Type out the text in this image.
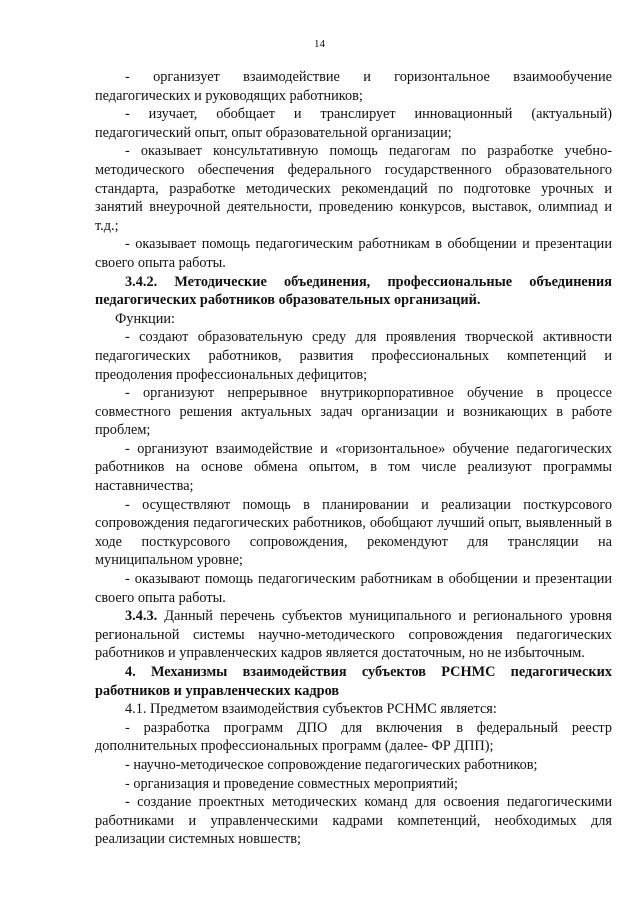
14

- организует взаимодействие и горизонтальное взаимообучение педагогических и руководящих работников;

- изучает, обобщает и транслирует инновационный (актуальный) педагогический опыт, опыт образовательной организации;

- оказывает консультативную помощь педагогам по разработке учебно-методического обеспечения федерального государственного образовательного стандарта, разработке методических рекомендаций по подготовке урочных и занятий внеурочной деятельности, проведению конкурсов, выставок, олимпиад и т.д.;

- оказывает помощь педагогическим работникам в обобщении и презентации своего опыта работы.

3.4.2. Методические объединения, профессиональные объединения педагогических работников образовательных организаций.

Функции:

- создают образовательную среду для проявления творческой активности педагогических работников, развития профессиональных компетенций и преодоления профессиональных дефицитов;

- организуют непрерывное внутрикорпоративное обучение в процессе совместного решения актуальных задач организации и возникающих в работе проблем;

- организуют взаимодействие и «горизонтальное» обучение педагогических работников на основе обмена опытом, в том числе реализуют программы наставничества;

- осуществляют помощь в планировании и реализации посткурсового сопровождения педагогических работников, обобщают лучший опыт, выявленный в ходе посткурсового сопровождения, рекомендуют для трансляции на муниципальном уровне;

- оказывают помощь педагогическим работникам в обобщении и презентации своего опыта работы.

3.4.3. Данный перечень субъектов муниципального и регионального уровня региональной системы научно-методического сопровождения педагогических работников и управленческих кадров является достаточным, но не избыточным.

4. Механизмы взаимодействия субъектов РСНМС педагогических работников и управленческих кадров

4.1. Предметом взаимодействия субъектов РСНМС является:

- разработка программ ДПО для включения в федеральный реестр дополнительных профессиональных программ (далее- ФР ДПП);

- научно-методическое сопровождение педагогических работников;

- организация и проведение совместных мероприятий;

- создание проектных методических команд для освоения педагогическими работниками и управленческими кадрами компетенций, необходимых для реализации системных новшеств;
